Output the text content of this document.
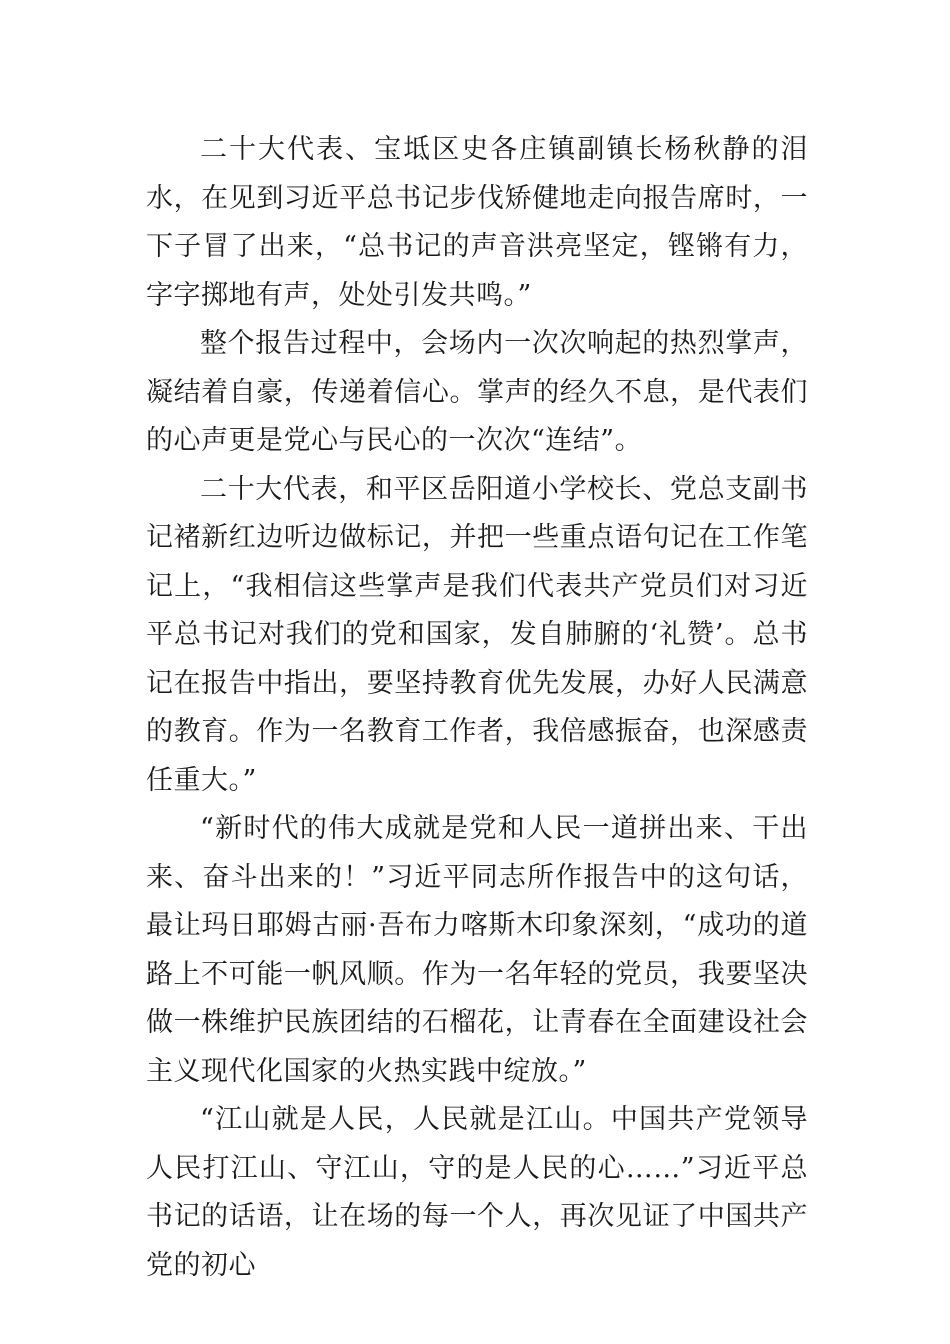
二十大代表、宝坻区史各庄镇副镇长杨秋静的泪水，在见到习近平总书记步伐矫健地走向报告席时，一下子冒了出来，“总书记的声音洪亮坚定，铿锵有力，字字掷地有声，处处引发共鸣。”

整个报告过程中，会场内一次次响起的热烈掌声，凝结着自豪，传递着信心。掌声的经久不息，是代表们的心声更是党心与民心的一次次“连结”。

二十大代表，和平区岳阳道小学校长、党总支副书记褚新红边听边做标记，并把一些重点语句记在工作笔记上，“我相信这些掌声是我们代表共产党员们对习近平总书记对我们的党和国家，发自肺腑的‘礼赞’。总书记在报告中指出，要坚持教育优先发展，办好人民满意的教育。作为一名教育工作者，我倍感振奋，也深感责任重大。”

“新时代的伟大成就是党和人民一道拼出来、干出来、奋斗出来的！”习近平同志所作报告中的这句话，最让玛日耶姆古丽·吾布力喀斯木印象深刻，“成功的道路上不可能一帆风顺。作为一名年轻的党员，我要坚决做一株维护民族团结的石榴花，让青春在全面建设社会主义现代化国家的火热实践中绽放。”

“江山就是人民，人民就是江山。中国共产党领导人民打江山、守江山，守的是人民的心……”习近平总书记的话语，让在场的每一个人，再次见证了中国共产党的初心
